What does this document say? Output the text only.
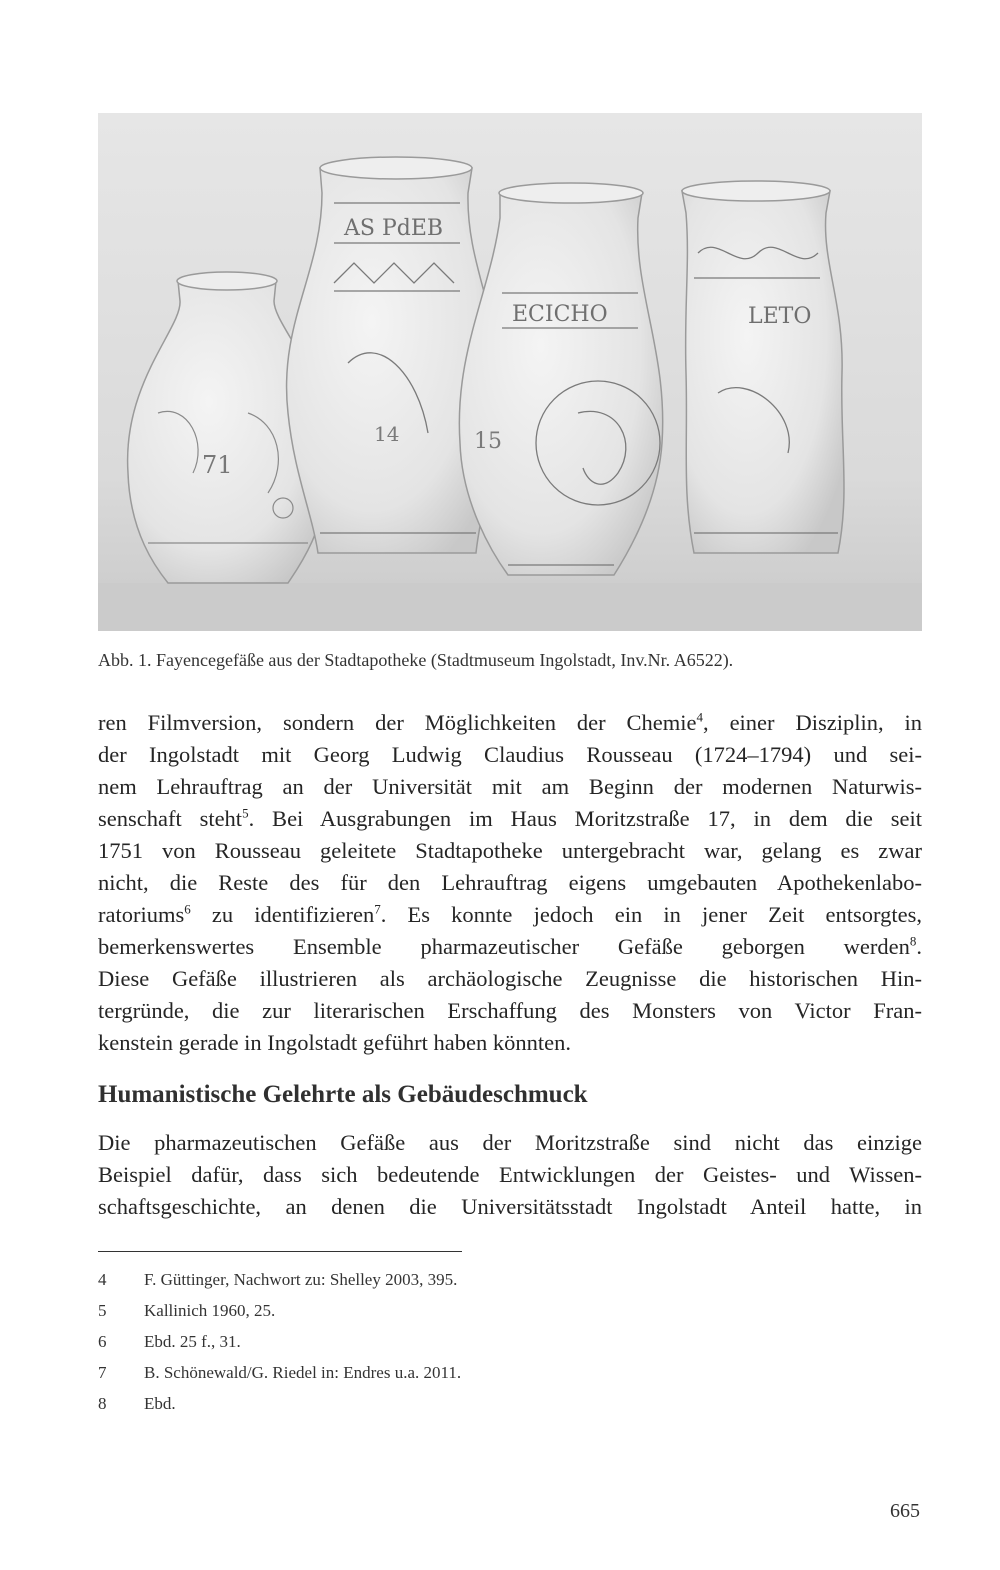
71
AS PdEB
14
ECICHO
15
LETO
Abb. 1. Fayencegefäße aus der Stadtapotheke (Stadtmuseum Ingolstadt, Inv.Nr. A6522).
ren Filmversion, sondern der Möglichkeiten der Chemie$^4$, einer Disziplin, in
der Ingolstadt mit Georg Ludwig Claudius Rousseau (1724–1794) und sei-
nem Lehrauftrag an der Universität mit am Beginn der modernen Naturwis-
senschaft steht$^5$. Bei Ausgrabungen im Haus Moritzstraße 17, in dem die seit
1751 von Rousseau geleitete Stadtapotheke untergebracht war, gelang es zwar
nicht, die Reste des für den Lehrauftrag eigens umgebauten Apothekenlabo-
ratoriums$^6$ zu identifizieren$^7$. Es konnte jedoch ein in jener Zeit entsorgtes,
bemerkenswertes Ensemble pharmazeutischer Gefäße geborgen werden$^8$.
Diese Gefäße illustrieren als archäologische Zeugnisse die historischen Hin-
tergründe, die zur literarischen Erschaffung des Monsters von Victor Fran-
kenstein gerade in Ingolstadt geführt haben könnten.
Humanistische Gelehrte als Gebäudeschmuck
Die pharmazeutischen Gefäße aus der Moritzstraße sind nicht das einzige
Beispiel dafür, dass sich bedeutende Entwicklungen der Geistes- und Wissen-
schaftsgeschichte, an denen die Universitätsstadt Ingolstadt Anteil hatte, in
4	F. Güttinger, Nachwort zu: Shelley 2003, 395.
5	Kallinich 1960, 25.
6	Ebd. 25 f., 31.
7	B. Schönewald/G. Riedel in: Endres u.a. 2011.
8	Ebd.
665
